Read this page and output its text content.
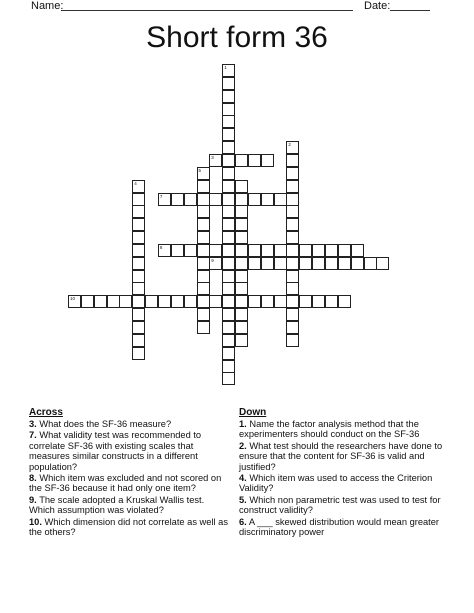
Name:	Date:
Short form 36
1
2
4
5
3
7
8
9
10
Across
3. What does the SF-36 measure?
7. What validity test was recommended to correlate SF-36 with existing scales that measures similar constructs in a different population?
8. Which item was excluded and not scored on the SF-36 because it had only one item?
9. The scale adopted a Kruskal Wallis test. Which assumption was violated?
10. Which dimension did not correlate as well as the others?
Down
1. Name the factor analysis method that the experimenters should conduct on the SF-36
2. What test should the researchers have done to ensure that the content for SF-36 is valid and justified?
4. Which item was used to access the Criterion Validity?
5. Which non parametric test was used to test for construct validity?
6. A ___ skewed distribution would mean greater discriminatory power
